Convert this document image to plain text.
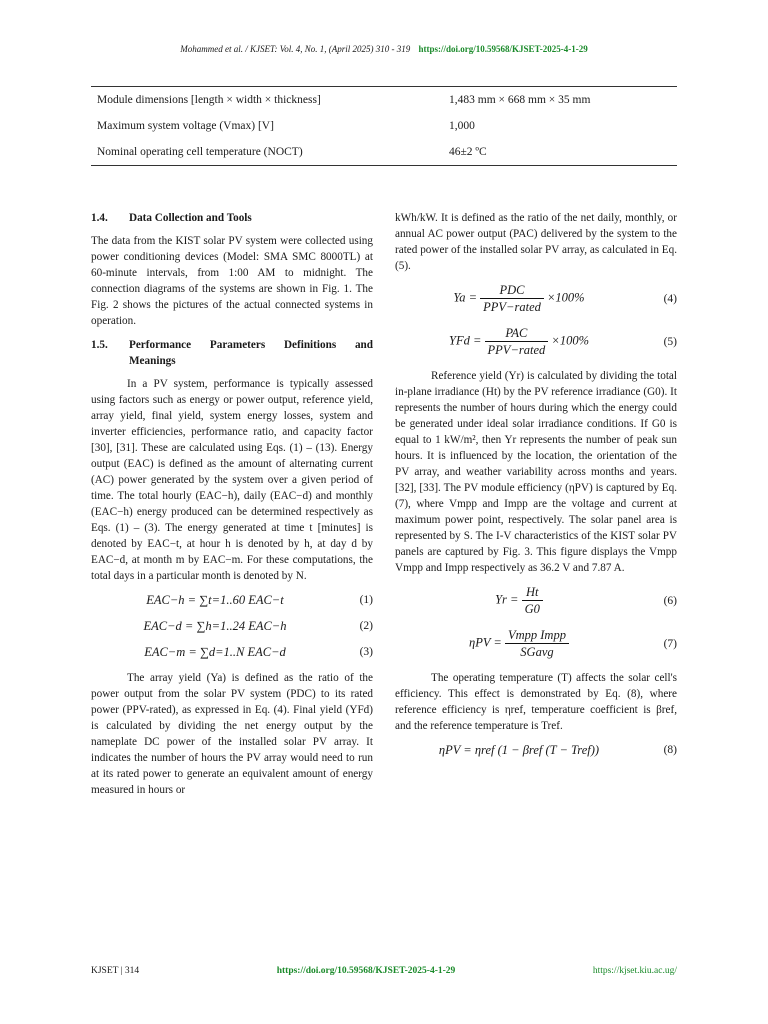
Mohammed et al. / KJSET: Vol. 4, No. 1, (April 2025) 310 - 319 https://doi.org/10.59568/KJSET-2025-4-1-29
Module dimensions [length × width × thickness]	1,483 mm × 668 mm × 35 mm
Maximum system voltage (Vmax) [V]	1,000
Nominal operating cell temperature (NOCT)	46±2 ºC
1.4.	Data Collection and Tools

The data from the KIST solar PV system were collected using power conditioning devices (Model: SMA SMC 8000TL) at 60-minute intervals, from 1:00 AM to midnight. The connection diagrams of the systems are shown in Fig. 1. The Fig. 2 shows the pictures of the actual connected systems in operation.

1.5.	Performance Parameters Definitions and Meanings

In a PV system, performance is typically assessed using factors such as energy or power output, reference yield, array yield, final yield, system energy losses, system and inverter efficiencies, performance ratio, and capacity factor [30], [31]. These are calculated using Eqs. (1) – (13). Energy output (EAC) is defined as the amount of alternating current (AC) power generated by the system over a given period of time. The total hourly (EAC−h), daily (EAC−d) and monthly (EAC−h) energy produced can be determined respectively as Eqs. (1) – (3). The energy generated at time t [minutes] is denoted by EAC−t, at hour h is denoted by h, at day d by EAC−d, at month m by EAC−m. For these computations, the total days in a particular month is denoted by N.

EAC−h = ∑t=1..60 EAC−t	(1)
EAC−d = ∑h=1..24 EAC−h	(2)
EAC−m = ∑d=1..N EAC−d	(3)

The array yield (Ya) is defined as the ratio of the power output from the solar PV system (PDC) to its rated power (PPV-rated), as expressed in Eq. (4). Final yield (YFd) is calculated by dividing the net energy output by the nameplate DC power of the installed solar PV array. It indicates the number of hours the PV array would need to run at its rated power to generate an equivalent amount of energy measured in hours or

kWh/kW. It is defined as the ratio of the net daily, monthly, or annual AC power output (PAC) delivered by the system to the rated power of the installed solar PV array, as calculated in Eq. (5).

$Ya = \frac{\text{PDC}}{\text{PPV−rated}} \times 100\%$	(4)
YFd = $\frac{\text{PAC}}{\text{PPV−rated}} \times 100\%$	(5)

Reference yield (Yr) is calculated by dividing the total in-plane irradiance (Ht) by the PV reference irradiance (G0). It represents the number of hours during which the energy could be generated under ideal solar irradiance conditions. If G0 is equal to 1 kW/m², then Yr represents the number of peak sun hours. It is influenced by the location, the orientation of the PV array, and weather variability across months and years. [32], [33]. The PV module efficiency (ηPV) is captured by Eq. (7), where Vmpp and Impp are the voltage and current at maximum power point, respectively. The solar panel area is represented by S. The I-V characteristics of the KIST solar PV panels are captured by Fig. 3. This figure displays the Vmpp Vmpp and Impp respectively as 36.2 V and 7.87 A.

$Yr = \frac{Ht}{G0}$	(6)
$\eta PV = \frac{\text{Vmpp Impp}}{\text{SGavg}}$	(7)

The operating temperature (T) affects the solar cell's efficiency. This effect is demonstrated by Eq. (8), where reference efficiency is ηref, temperature coefficient is βref, and the reference temperature is Tref.

ηPV = ηref (1 − βref (T − Tref))	(8)
KJSET | 314	https://doi.org/10.59568/KJSET-2025-4-1-29	https://kjset.kiu.ac.ug/
